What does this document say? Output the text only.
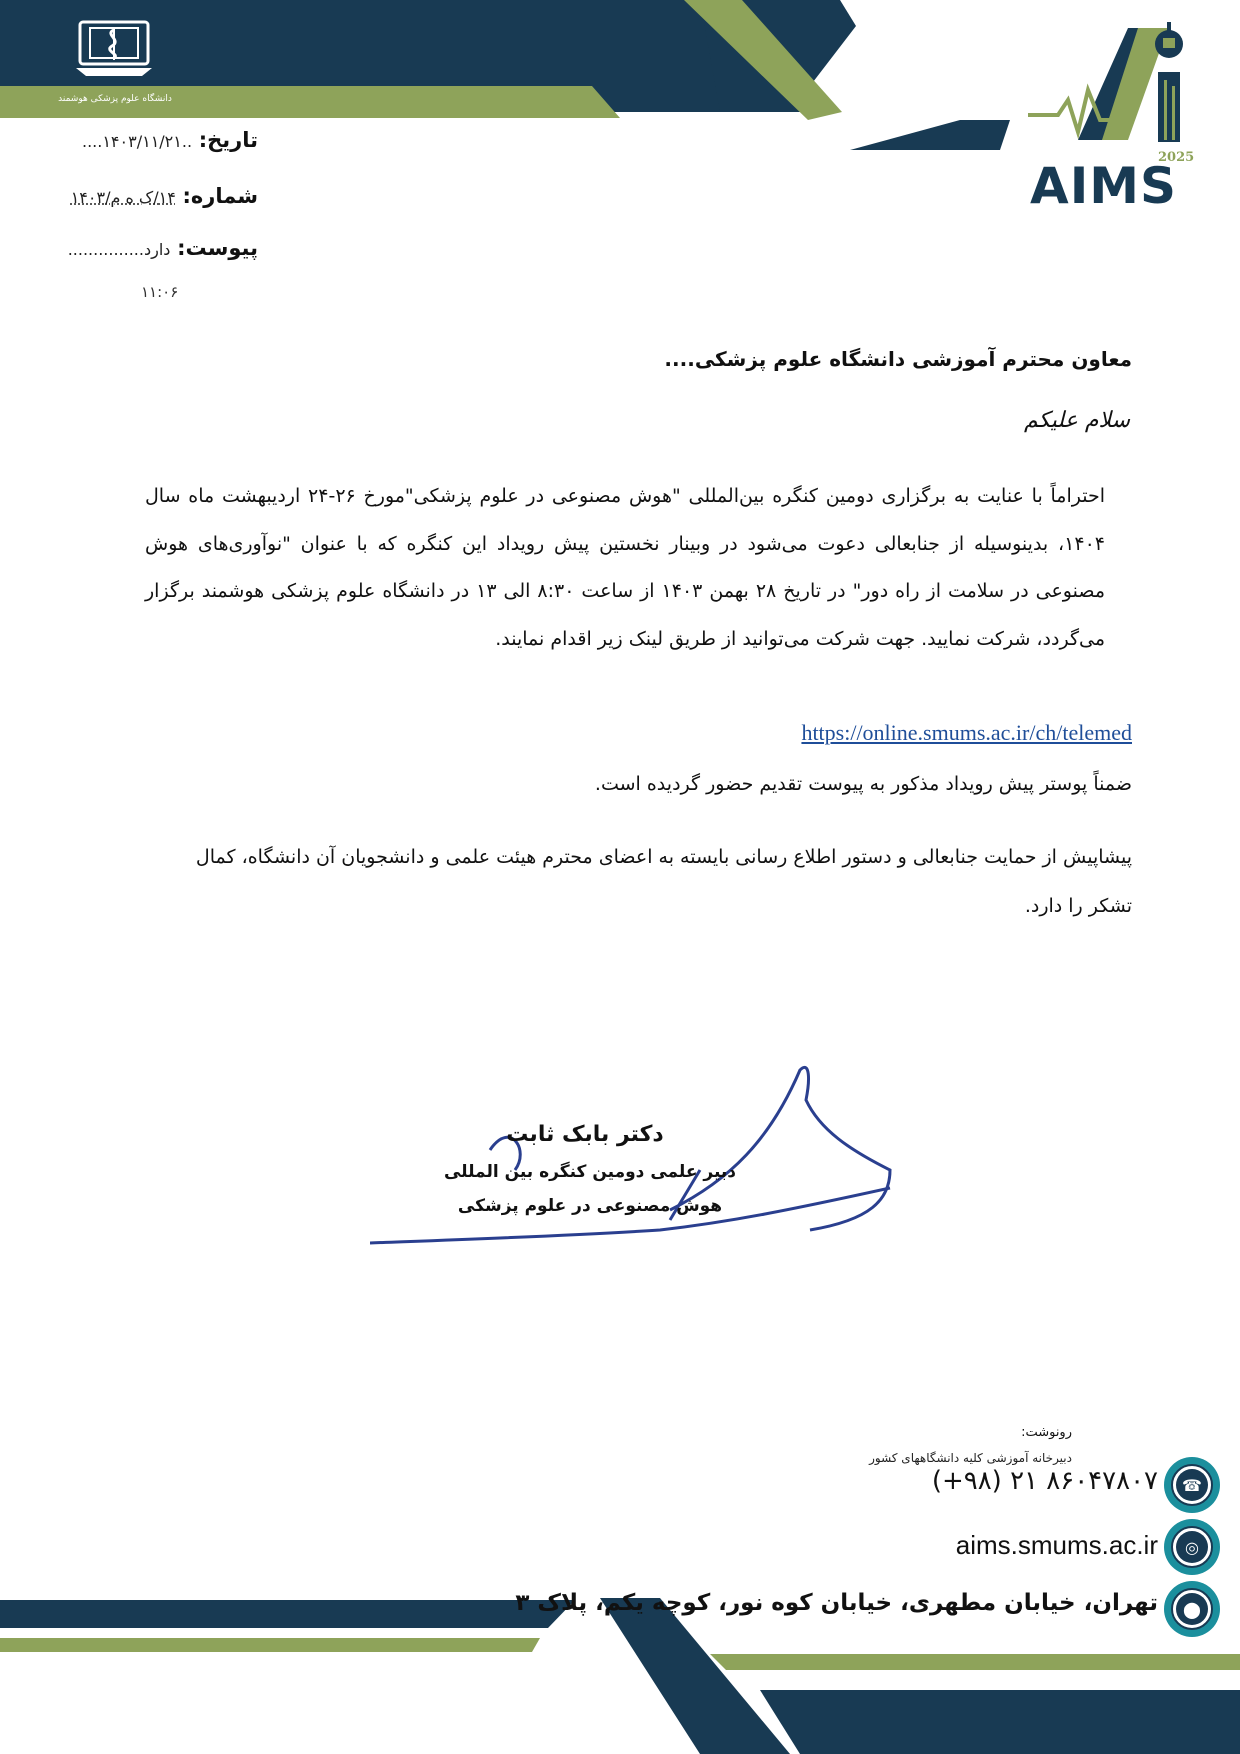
دانشگاه علوم پزشکی هوشمند
AIMS
2025
تاریخ: ..۱۴۰۳/۱۱/۲۱....
شماره: ۱۴/ک ه م/۱۴۰۳
پیوست: دارد...............
۱۱:۰۶
معاون محترم آموزشی دانشگاه علوم پزشکی....
سلام علیکم
احتراماً با عنایت به برگزاری دومین کنگره بین‌المللی "هوش مصنوعی در علوم پزشکی"مورخ ۲۶-۲۴ اردیبهشت ماه سال ۱۴۰۴، بدینوسیله از جنابعالی دعوت می‌شود در وبینار نخستین پیش رویداد این کنگره که با عنوان "نوآوری‌های هوش مصنوعی در سلامت از راه دور" در تاریخ ۲۸ بهمن ۱۴۰۳ از ساعت ۸:۳۰ الی ۱۳ در دانشگاه علوم پزشکی هوشمند برگزار می‌گردد، شرکت نمایید. جهت شرکت می‌توانید از طریق لینک زیر اقدام نمایند.
https://online.smums.ac.ir/ch/telemed
ضمناً پوستر پیش رویداد مذکور به پیوست تقدیم حضور گردیده است.
پیشاپیش از حمایت جنابعالی و دستور اطلاع رسانی بایسته به اعضای محترم هیئت علمی و دانشجویان آن دانشگاه، کمال تشکر را دارد.
دکتر بابک ثابت
دبیر علمی دومین کنگره بین المللی
هوش مصنوعی در علوم پزشکی
رونوشت:
دبیرخانه آموزشی کلیه دانشگاههای کشور
☎
(+۹۸) ۲۱ ۸۶۰۴۷۸۰۷
◎
aims.smums.ac.ir
⬤
تهران، خیابان مطهری، خیابان کوه نور، کوچه یکم، پلاک ۳
